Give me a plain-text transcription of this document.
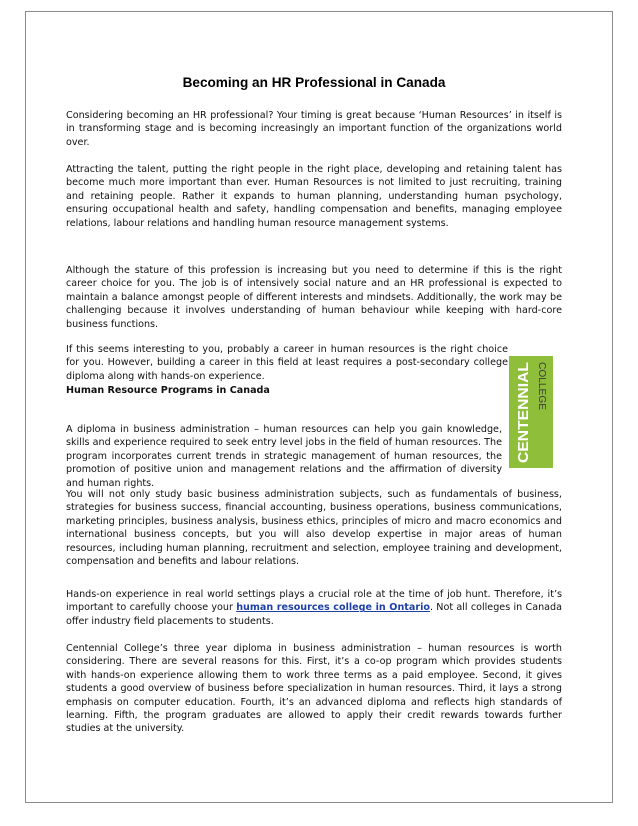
Becoming an HR Professional in Canada

Considering becoming an HR professional? Your timing is great because ‘Human Resources’ in itself is in transforming stage and is becoming increasingly an important function of the organizations world over.

Attracting the talent, putting the right people in the right place, developing and retaining talent has become much more important than ever. Human Resources is not limited to just recruiting, training and retaining people. Rather it expands to human planning, understanding human psychology, ensuring occupational health and safety, handling compensation and benefits, managing employee relations, labour relations and handling human resource management systems.

Although the stature of this profession is increasing but you need to determine if this is the right career choice for you. The job is of intensively social nature and an HR professional is expected to maintain a balance amongst people of different interests and mindsets. Additionally, the work may be challenging because it involves understanding of human behaviour while keeping with hard-core business functions.

If this seems interesting to you, probably a career in human resources is the right choice for you. However, building a career in this field at least requires a post-secondary college diploma along with hands-on experience.

Human Resource Programs in Canada

A diploma in business administration – human resources can help you gain knowledge, skills and experience required to seek entry level jobs in the field of human resources. The program incorporates current trends in strategic management of human resources, the promotion of positive union and management relations and the affirmation of diversity and human rights.

You will not only study basic business administration subjects, such as fundamentals of business, strategies for business success, financial accounting, business operations, business communications, marketing principles, business analysis, business ethics, principles of micro and macro economics and international business concepts, but you will also develop expertise in major areas of human resources, including human planning, recruitment and selection, employee training and development, compensation and benefits and labour relations.

Hands-on experience in real world settings plays a crucial role at the time of job hunt. Therefore, it’s important to carefully choose your human resources college in Ontario. Not all colleges in Canada offer industry field placements to students.

Centennial College’s three year diploma in business administration – human resources is worth considering. There are several reasons for this. First, it’s a co-op program which provides students with hands-on experience allowing them to work three terms as a paid employee. Second, it gives students a good overview of business before specialization in human resources. Third, it lays a strong emphasis on computer education. Fourth, it’s an advanced diploma and reflects high standards of learning. Fifth, the program graduates are allowed to apply their credit rewards towards further studies at the university.

CENTENNIAL COLLEGE
